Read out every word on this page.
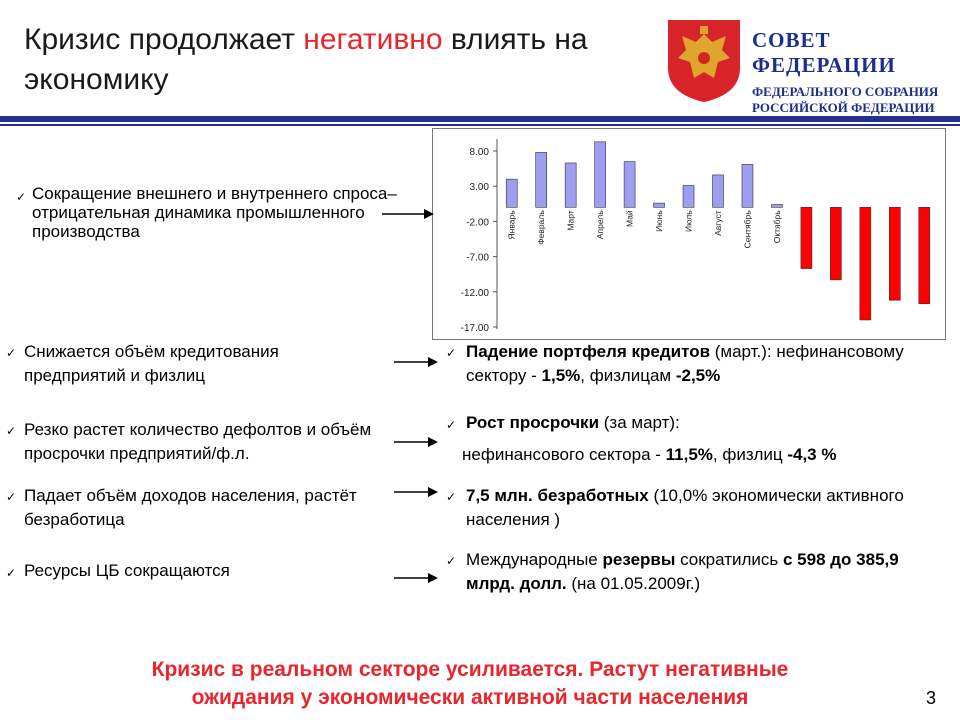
Кризис продолжает негативно влиять на экономику
СОВЕТ ФЕДЕРАЦИИ
ФЕДЕРАЛЬНОГО СОБРАНИЯ
РОССИЙСКОЙ ФЕДЕРАЦИИ
8.00
3.00
-2.00
-7.00
-12.00
-17.00
Январь Февраль Март Апрель Май Июнь Июль Август Сентябрь Октябрь Ноябрь Декабрь Январь Февраль Март
✓ Сокращение внешнего и внутреннего спроса– отрицательная динамика промышленного производства
✓ Снижается объём кредитования предприятий и физлиц
✓ Резко растет количество дефолтов и объём просрочки предприятий/ф.л.
✓ Падает объём доходов населения, растёт безработица
✓ Ресурсы ЦБ сокращаются
✓ Падение портфеля кредитов (март.): нефинансовому сектору - 1,5%, физлицам -2,5%
✓ Рост просрочки (за март):
нефинансового сектора - 11,5%, физлиц -4,3 %
✓ 7,5 млн. безработных (10,0% экономически активного населения )
✓ Международные резервы сократились с 598 до 385,9 млрд. долл. (на 01.05.2009г.)
Кризис в реальном секторе усиливается. Растут негативные
ожидания у экономически активной части населения	3
